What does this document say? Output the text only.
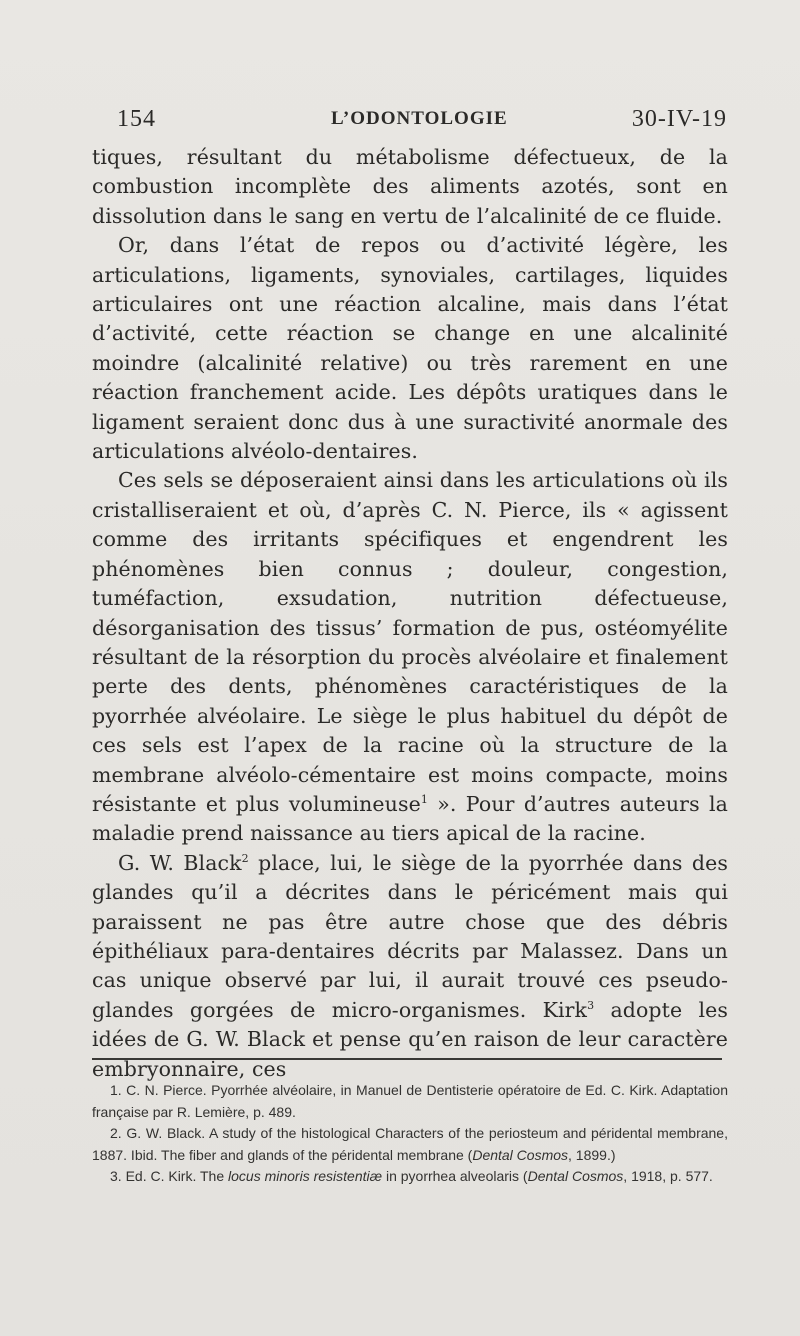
154	L’ODONTOLOGIE	30-IV-19

tiques, résultant du métabolisme défectueux, de la combustion incomplète des aliments azotés, sont en dissolution dans le sang en vertu de l’alcalinité de ce fluide.

Or, dans l’état de repos ou d’activité légère, les articulations, ligaments, synoviales, cartilages, liquides articulaires ont une réaction alcaline, mais dans l’état d’activité, cette réaction se change en une alcalinité moindre (alcalinité relative) ou très rarement en une réaction franchement acide. Les dépôts uratiques dans le ligament seraient donc dus à une suractivité anormale des articulations alvéolo-dentaires.

Ces sels se déposeraient ainsi dans les articulations où ils cristalliseraient et où, d’après C. N. Pierce, ils « agissent comme des irritants spécifiques et engendrent les phénomènes bien connus ; douleur, congestion, tuméfaction, exsudation, nutrition défectueuse, désorganisation des tissus’ formation de pus, ostéomyélite résultant de la résorption du procès alvéolaire et finalement perte des dents, phénomènes caractéristiques de la pyorrhée alvéolaire. Le siège le plus habituel du dépôt de ces sels est l’apex de la racine où la structure de la membrane alvéolo-cémentaire est moins compacte, moins résistante et plus volumineuse$^1$ ». Pour d’autres auteurs la maladie prend naissance au tiers apical de la racine.

G. W. Black$^2$ place, lui, le siège de la pyorrhée dans des glandes qu’il a décrites dans le péricément mais qui paraissent ne pas être autre chose que des débris épithéliaux para-dentaires décrits par Malassez. Dans un cas unique observé par lui, il aurait trouvé ces pseudo-glandes gorgées de micro-organismes. Kirk$^3$ adopte les idées de G. W. Black et pense qu’en raison de leur caractère embryonnaire, ces

1. C. N. Pierce. Pyorrhée alvéolaire, in Manuel de Dentisterie opératoire de Ed. C. Kirk. Adaptation française par R. Lemière, p. 489.

2. G. W. Black. A study of the histological Characters of the periosteum and péridental membrane, 1887. Ibid. The fiber and glands of the péridental membrane (Dental Cosmos, 1899.)

3. Ed. C. Kirk. The locus minoris resistentiæ in pyorrhea alveolaris (Dental Cosmos, 1918, p. 577.
